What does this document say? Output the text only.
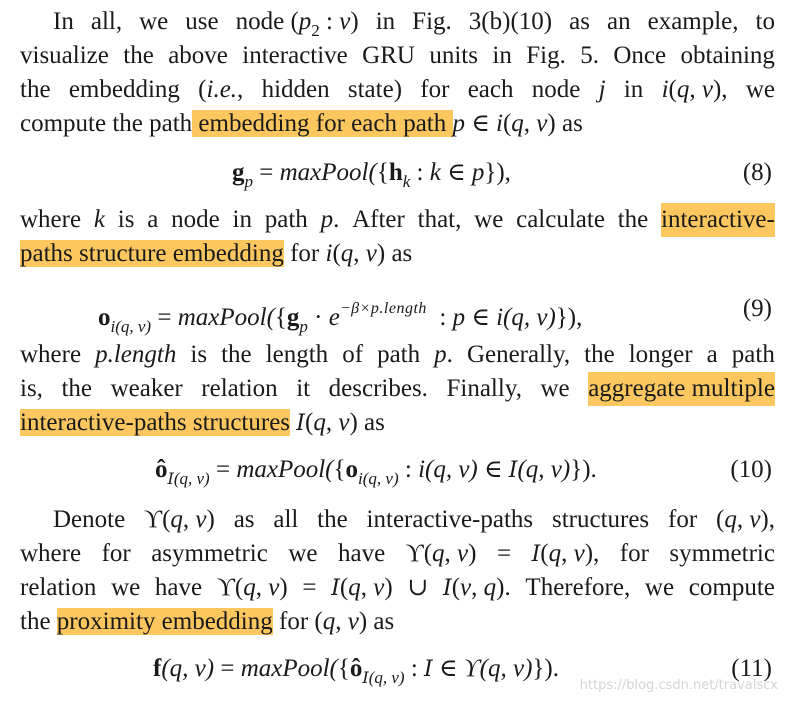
In all, we use node ($p_2$ : v) in Fig. 3(b)(10) as an example, to
visualize the above interactive GRU units in Fig. 5. Once obtaining
the embedding (i.e., hidden state) for each node j in i(q, v), we
compute the path embedding for each path p ∈ i(q, v) as
$g_p$ = $maxPool(\{h_k$ : k ∈ p}),	(8)
where k is a node in path p. After that, we calculate the interactive-
paths structure embedding for i(q, v) as
$o_{i(q, v)}$ = $maxPool(\{g_p \cdot e^{-\beta\times p.length}$  : p ∈ i(q, v)}),	(9)
where p.length is the length of path p. Generally, the longer a path
is, the weaker relation it describes. Finally, we aggregate multiple
interactive-paths structures I(q, v) as
$ô_{I(q, v)}$ = $maxPool(\{o_{i(q, v)}$ : i(q, v) ∈ I(q, v)}).	(10)
Denote ϒ(q, v) as all the interactive-paths structures for (q, v),
where for asymmetric we have ϒ(q, v) = I(q, v), for symmetric
relation we have ϒ(q, v) = I(q, v) ∪ I(v, q). Therefore, we compute
the proximity embedding for (q, v) as
f(q, $v) = maxPool(\{ô_{I(q, v)}$ : I ∈ ϒ(q, v)}).	(11)
https://blog.csdn.net/travalscx
